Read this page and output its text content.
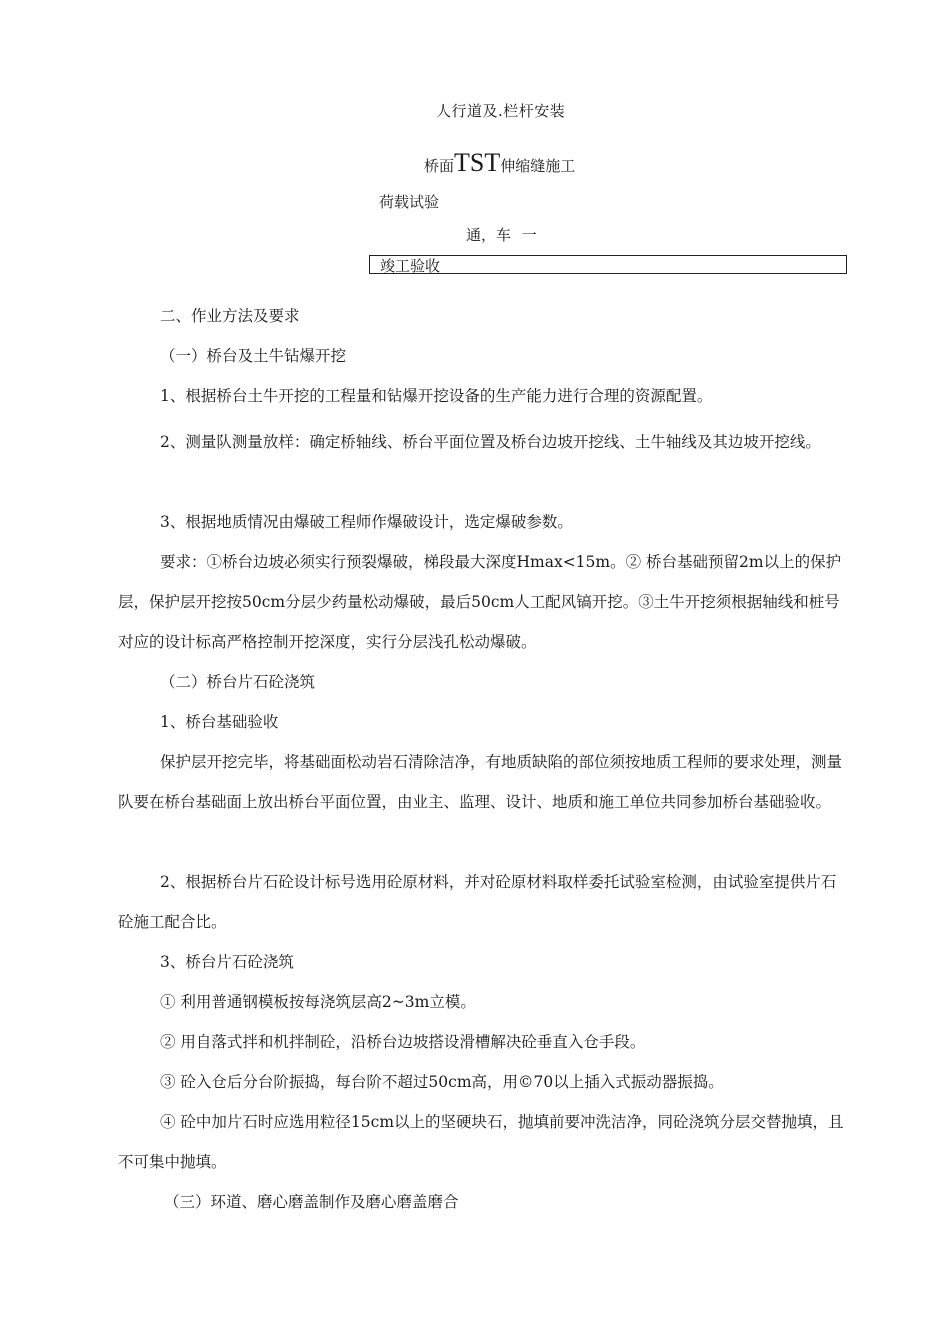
人行道及.栏杆安装
桥面TST伸缩缝施工
荷载试验
通，车 一
竣工验收
二、作业方法及要求
（一）桥台及土牛钻爆开挖
1、根据桥台土牛开挖的工程量和钻爆开挖设备的生产能力进行合理的资源配置。
2、测量队测量放样：确定桥轴线、桥台平面位置及桥台边坡开挖线、土牛轴线及其边坡开挖线。
3、根据地质情况由爆破工程师作爆破设计，选定爆破参数。
要求：①桥台边坡必须实行预裂爆破，梯段最大深度Hmax<15m。② 桥台基础预留2m以上的保护层，保护层开挖按50cm分层少药量松动爆破，最后50cm人工配风镐开挖。③土牛开挖须根据轴线和桩号对应的设计标高严格控制开挖深度，实行分层浅孔松动爆破。
（二）桥台片石砼浇筑
1、桥台基础验收
保护层开挖完毕，将基础面松动岩石清除洁净，有地质缺陷的部位须按地质工程师的要求处理，测量队要在桥台基础面上放出桥台平面位置，由业主、监理、设计、地质和施工单位共同参加桥台基础验收。
2、根据桥台片石砼设计标号选用砼原材料，并对砼原材料取样委托试验室检测，由试验室提供片石砼施工配合比。
3、桥台片石砼浇筑
① 利用普通钢模板按每浇筑层高2~3m立模。
② 用自落式拌和机拌制砼，沿桥台边坡搭设滑槽解决砼垂直入仓手段。
③ 砼入仓后分台阶振捣，每台阶不超过50cm高，用©70以上插入式振动器振捣。
④ 砼中加片石时应选用粒径15cm以上的坚硬块石，抛填前要冲洗洁净，同砼浇筑分层交替抛填，且不可集中抛填。
（三）环道、磨心磨盖制作及磨心磨盖磨合
